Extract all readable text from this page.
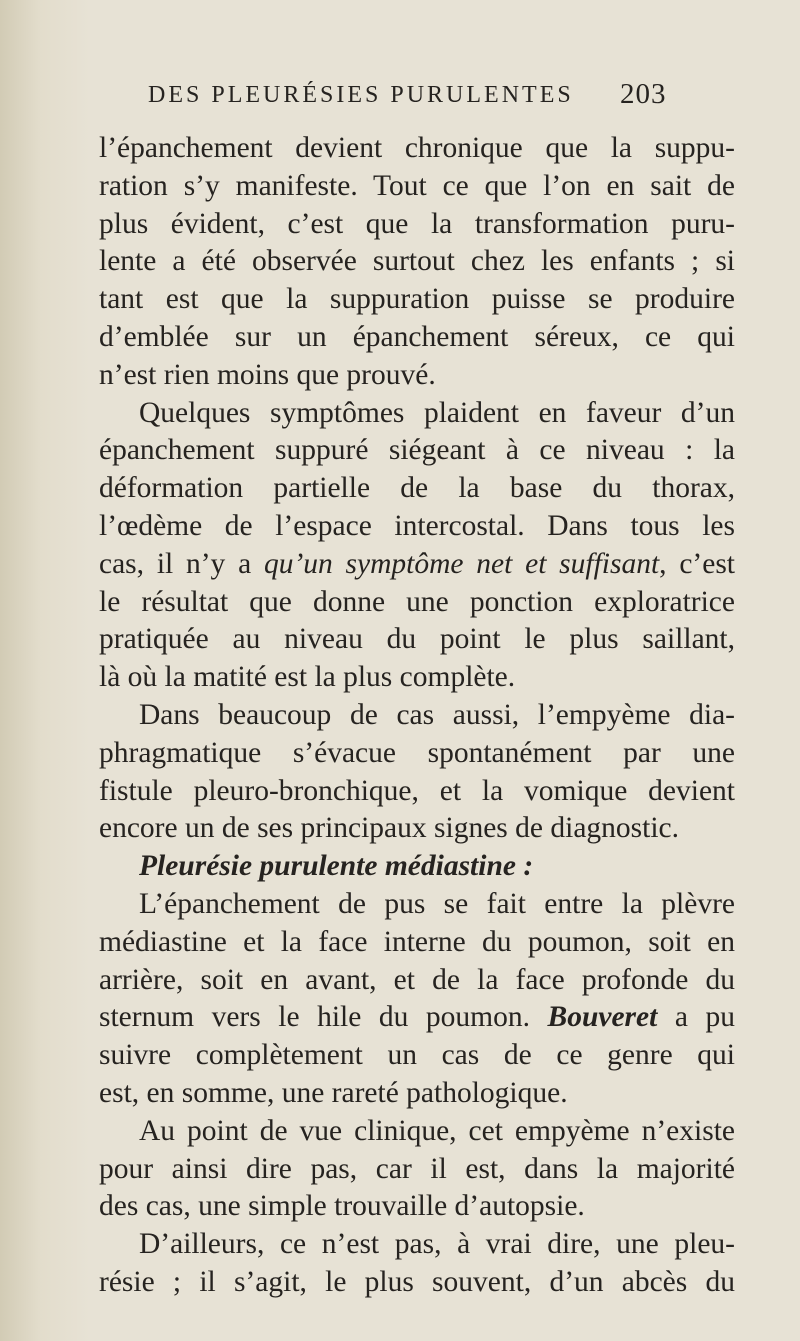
DES PLEURÉSIES PURULENTES 203
l’épanchement devient chronique que la suppu-
ration s’y manifeste. Tout ce que l’on en sait de
plus évident, c’est que la transformation puru-
lente a été observée surtout chez les enfants ; si
tant est que la suppuration puisse se produire
d’emblée sur un épanchement séreux, ce qui
n’est rien moins que prouvé.
Quelques symptômes plaident en faveur d’un
épanchement suppuré siégeant à ce niveau : la
déformation partielle de la base du thorax,
l’œdème de l’espace intercostal. Dans tous les
cas, il n’y a qu’un symptôme net et suffisant, c’est
le résultat que donne une ponction exploratrice
pratiquée au niveau du point le plus saillant,
là où la matité est la plus complète.
Dans beaucoup de cas aussi, l’empyème dia-
phragmatique s’évacue spontanément par une
fistule pleuro-bronchique, et la vomique devient
encore un de ses principaux signes de diagnostic.
Pleurésie purulente médiastine :
L’épanchement de pus se fait entre la plèvre
médiastine et la face interne du poumon, soit en
arrière, soit en avant, et de la face profonde du
sternum vers le hile du poumon. Bouveret a pu
suivre complètement un cas de ce genre qui
est, en somme, une rareté pathologique.
Au point de vue clinique, cet empyème n’existe
pour ainsi dire pas, car il est, dans la majorité
des cas, une simple trouvaille d’autopsie.
D’ailleurs, ce n’est pas, à vrai dire, une pleu-
résie ; il s’agit, le plus souvent, d’un abcès du
